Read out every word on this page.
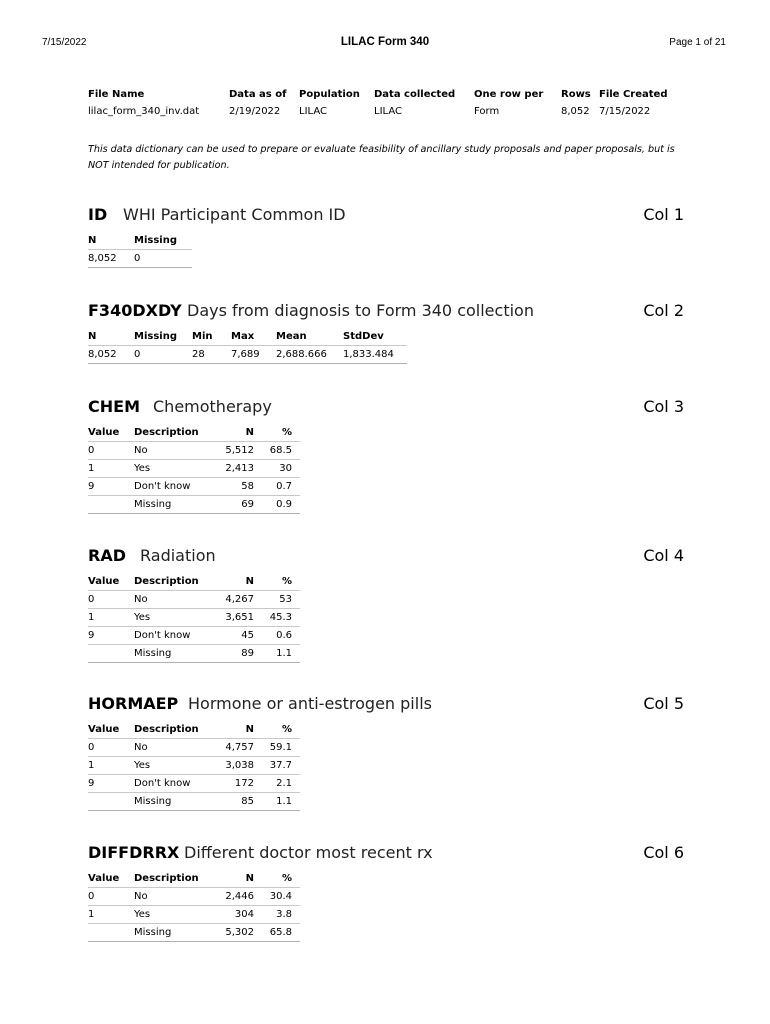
7/15/2022	LILAC Form 340	Page 1 of 21
File Name	Data as of	Population	Data collected	One row per	Rows	File Created
lilac_form_340_inv.dat	2/19/2022	LILAC	LILAC	Form	8,052	7/15/2022
This data dictionary can be used to prepare or evaluate feasibility of ancillary study proposals and paper proposals, but is NOT intended for publication.
ID WHI Participant Common ID	Col 1
N	Missing
8,052	0
F340DXDY Days from diagnosis to Form 340 collection	Col 2
N	Missing	Min	Max	Mean	StdDev
8,052	0	28	7,689	2,688.666	1,833.484
CHEM Chemotherapy	Col 3
Value	Description	N	%
0	No	5,512	68.5
1	Yes	2,413	30
9	Don't know	58	0.7
	Missing	69	0.9
RAD Radiation	Col 4
Value	Description	N	%
0	No	4,267	53
1	Yes	3,651	45.3
9	Don't know	45	0.6
	Missing	89	1.1
HORMAEP Hormone or anti-estrogen pills	Col 5
Value	Description	N	%
0	No	4,757	59.1
1	Yes	3,038	37.7
9	Don't know	172	2.1
	Missing	85	1.1
DIFFDRRX Different doctor most recent rx	Col 6
Value	Description	N	%
0	No	2,446	30.4
1	Yes	304	3.8
	Missing	5,302	65.8
